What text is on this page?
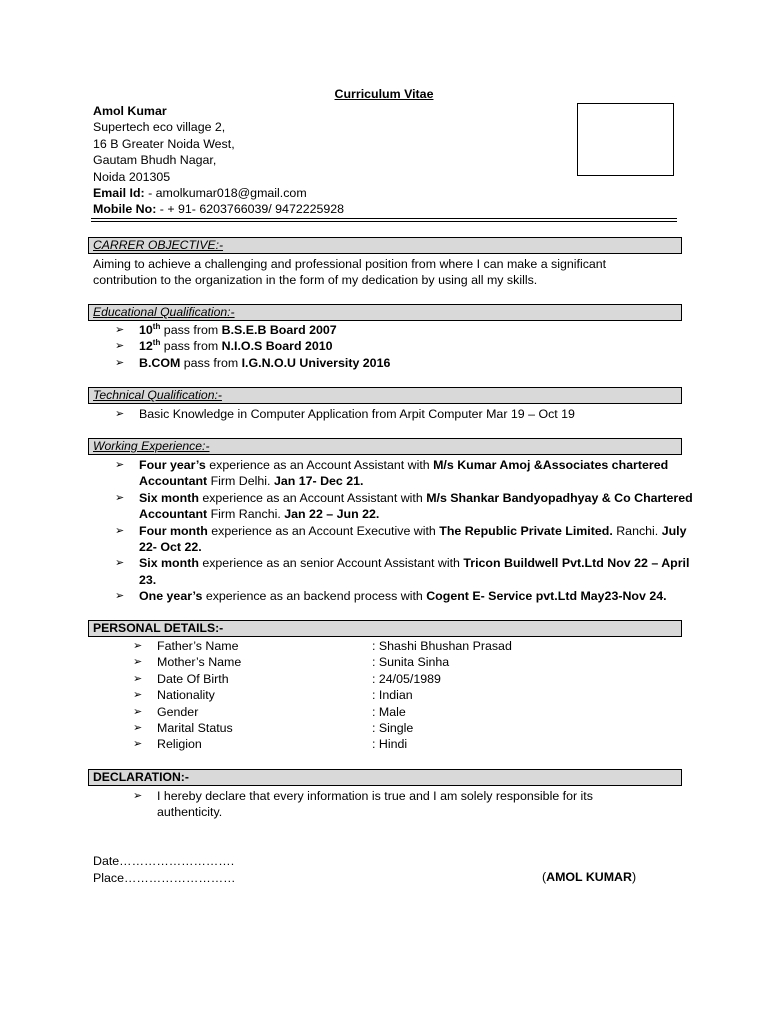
Curriculum Vitae
Amol Kumar
Supertech eco village 2,
16 B Greater Noida West,
Gautam Bhudh Nagar,
Noida 201305
Email Id: - amolkumar018@gmail.com
Mobile No: - + 91- 6203766039/ 9472225928
CARRER OBJECTIVE:-
Aiming to achieve a challenging and professional position from where I can make a significant contribution to the organization in the form of my dedication by using all my skills.
Educational Qualification:-
➢	10th pass from B.S.E.B Board 2007
➢	12th pass from N.I.O.S Board 2010
➢	B.COM pass from I.G.N.O.U University 2016
Technical Qualification:-
➢	Basic Knowledge in Computer Application from Arpit Computer Mar 19 – Oct 19
Working Experience:-
➢	Four year’s experience as an Account Assistant with M/s Kumar Amoj &Associates chartered Accountant Firm Delhi. Jan 17- Dec 21.
➢	Six month experience as an Account Assistant with M/s Shankar Bandyopadhyay & Co Chartered Accountant Firm Ranchi. Jan 22 – Jun 22.
➢	Four month experience as an Account Executive with The Republic Private Limited. Ranchi. July 22- Oct 22.
➢	Six month experience as an senior Account Assistant with Tricon Buildwell Pvt.Ltd Nov 22 – April 23.
➢	One year’s experience as an backend process with Cogent E- Service pvt.Ltd May23-Nov 24.
PERSONAL DETAILS:-
➢	Father’s Name	: Shashi Bhushan Prasad
➢	Mother’s Name	: Sunita Sinha
➢	Date Of Birth	: 24/05/1989
➢	Nationality	: Indian
➢	Gender	: Male
➢	Marital Status	: Single
➢	Religion	: Hindi
DECLARATION:-
➢	I hereby declare that every information is true and I am solely responsible for its authenticity.
Date……………………….
Place………………………	(AMOL KUMAR)
